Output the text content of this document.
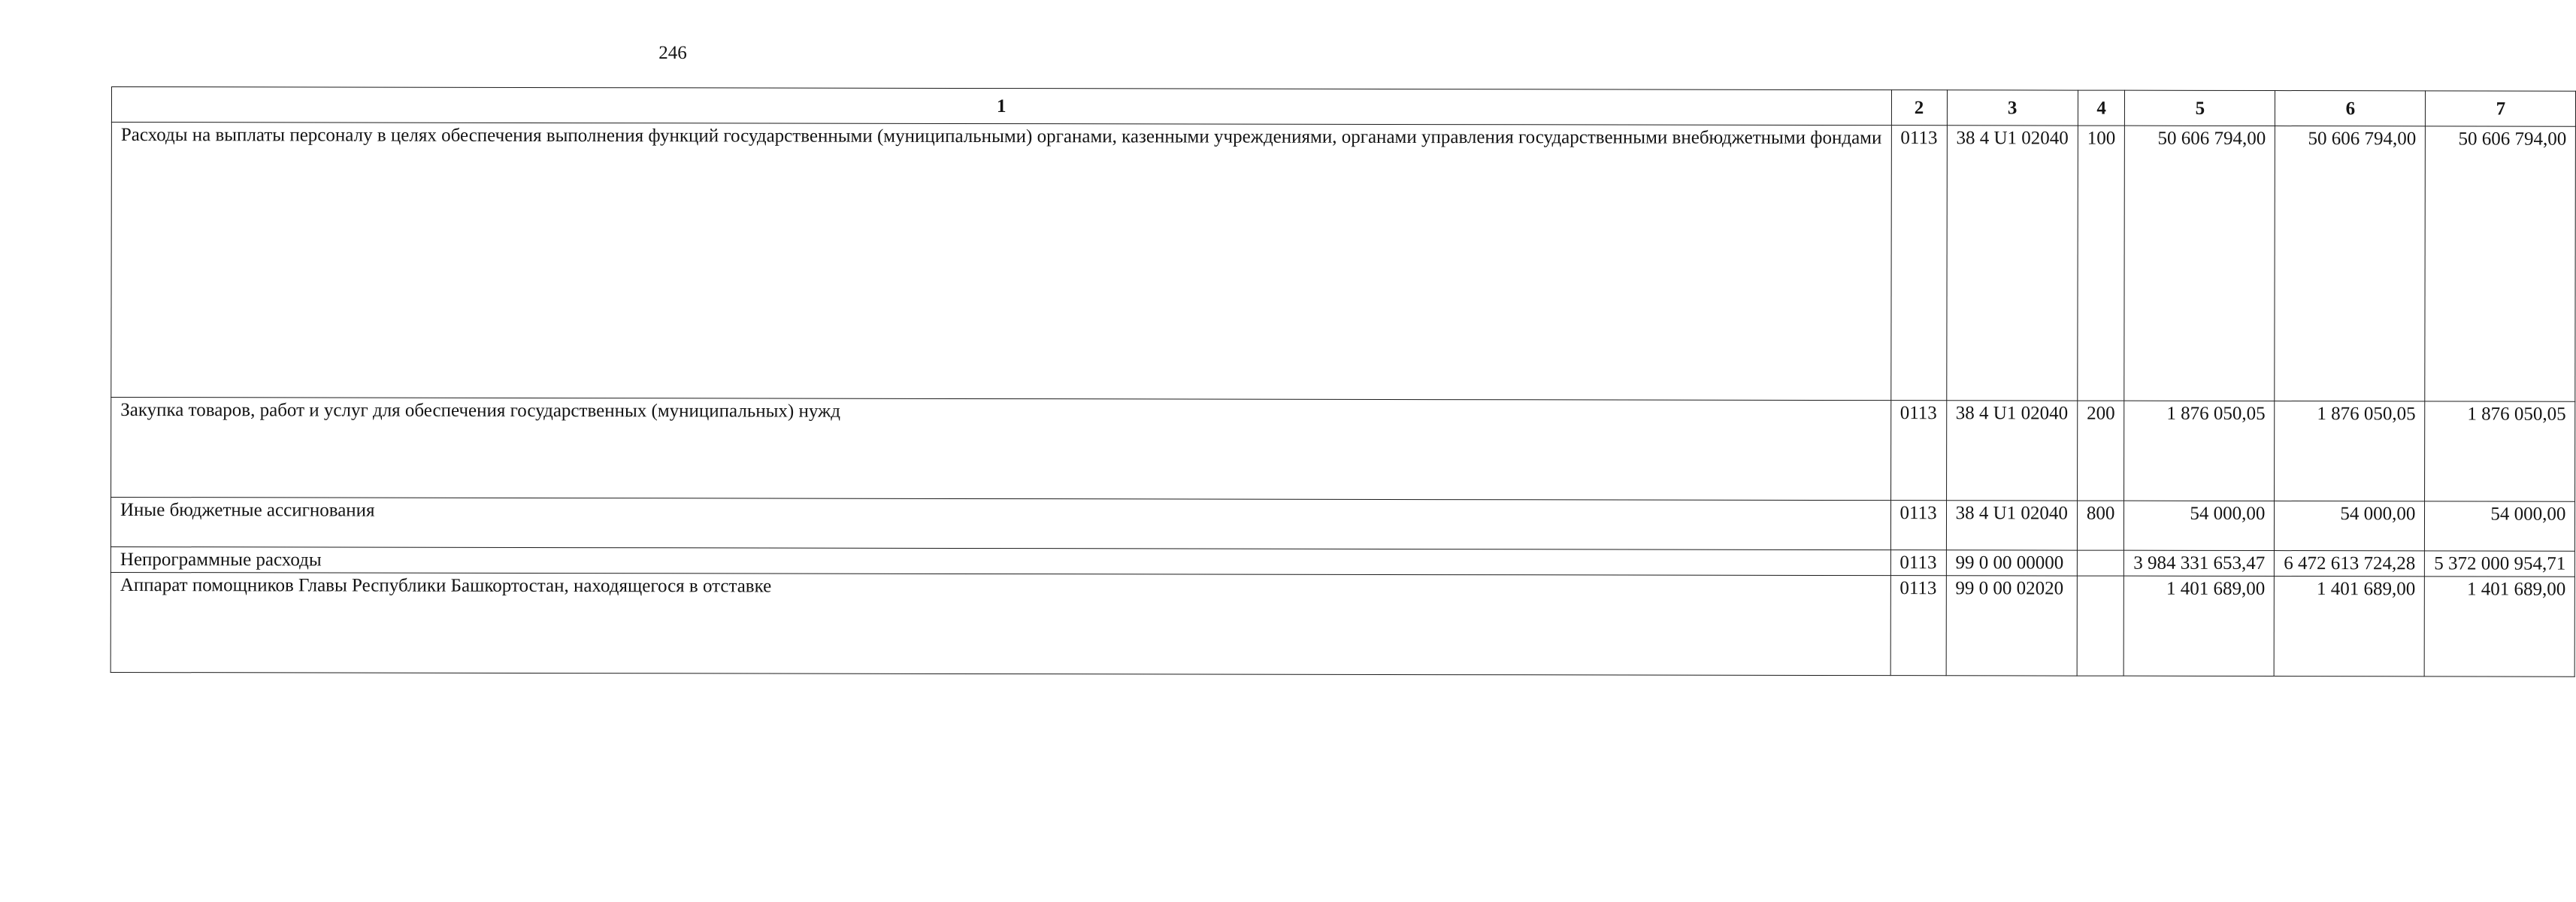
246
1	2	3	4	5	6	7
Расходы на выплаты персоналу в целях обеспечения выполнения функций государственными (муниципальными) органами, казенными учреждениями, органами управления государственными внебюджетными фондами	0113	38 4 U1 02040	100	50 606 794,00	50 606 794,00	50 606 794,00
Закупка товаров, работ и услуг для обеспечения государственных (муниципальных) нужд	0113	38 4 U1 02040	200	1 876 050,05	1 876 050,05	1 876 050,05
Иные бюджетные ассигнования	0113	38 4 U1 02040	800	54 000,00	54 000,00	54 000,00
Непрограммные расходы	0113	99 0 00 00000		3 984 331 653,47	6 472 613 724,28	5 372 000 954,71
Аппарат помощников Главы Республики Башкортостан, находящегося в отставке	0113	99 0 00 02020		1 401 689,00	1 401 689,00	1 401 689,00
